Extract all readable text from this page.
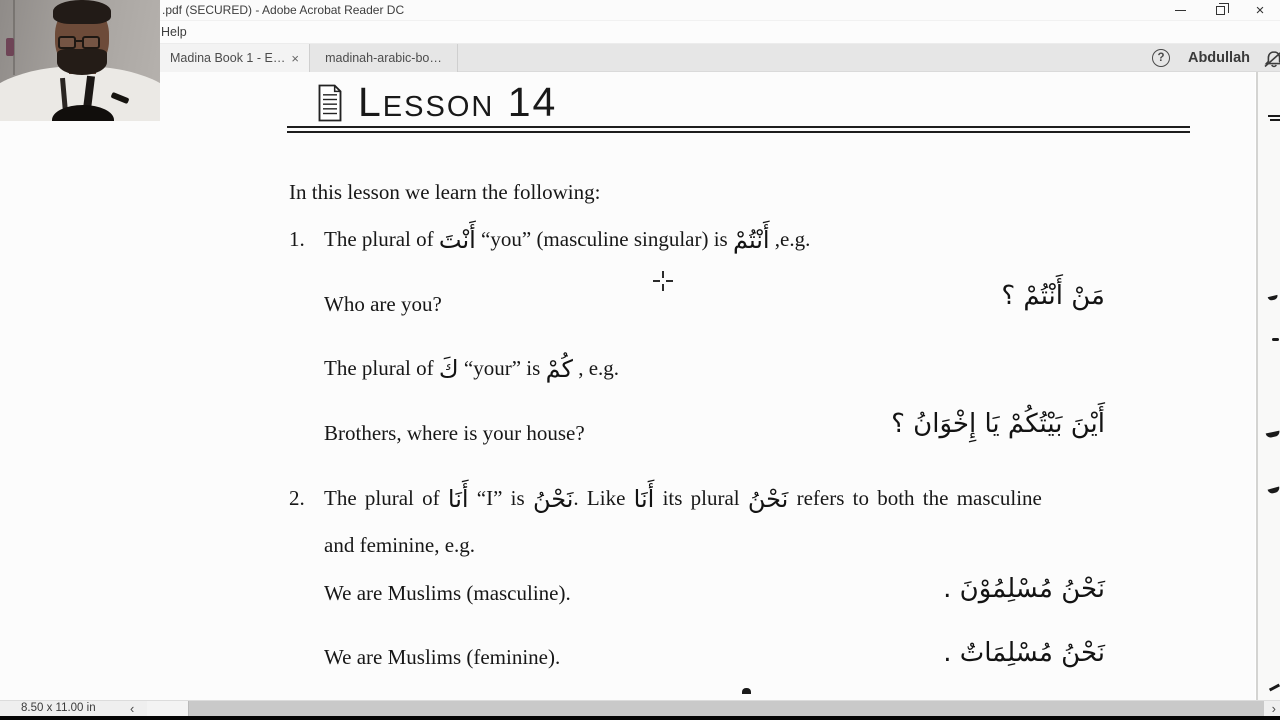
.pdf (SECURED) - Adobe Acrobat Reader DC	×
Help
Madina Book 1 - E… × madinah-arabic-bo…	?	Abdullah
Lesson 14
In this lesson we learn the following:
1. The plural of أَنْتَ “you” (masculine singular) is أَنْتُمْ ,e.g.
Who are you?	مَنْ أَنْتُمْ ؟
The plural of كَ “your” is كُمْ , e.g.
Brothers, where is your house?	أَيْنَ بَيْتُكُمْ يَا إِخْوَانُ ؟
2. The plural of أَنَا “I” is نَحْنُ. Like أَنَا its plural نَحْنُ refers to both the masculine
and feminine, e.g.
We are Muslims (masculine).	نَحْنُ مُسْلِمُوْنَ .
We are Muslims (feminine).	نَحْنُ مُسْلِمَاتٌ .
8.50 x 11.00 in	‹	›
